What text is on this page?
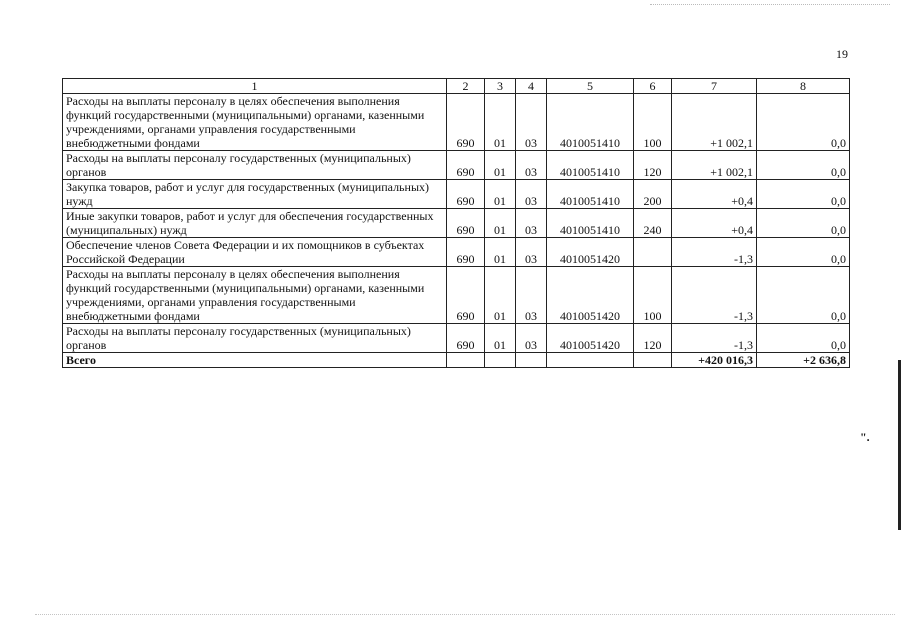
19
1	2	3	4	5	6	7	8
Расходы на выплаты персоналу в целях обеспечения выполнения функций государственными (муниципальными) органами, казенными учреждениями, органами управления государственными внебюджетными фондами	690	01	03	4010051410	100	+1 002,1	0,0
Расходы на выплаты персоналу государственных (муниципальных) органов	690	01	03	4010051410	120	+1 002,1	0,0
Закупка товаров, работ и услуг для государственных (муниципальных) нужд	690	01	03	4010051410	200	+0,4	0,0
Иные закупки товаров, работ и услуг для обеспечения государственных (муниципальных) нужд	690	01	03	4010051410	240	+0,4	0,0
Обеспечение членов Совета Федерации и их помощников в субъектах Российской Федерации	690	01	03	4010051420		-1,3	0,0
Расходы на выплаты персоналу в целях обеспечения выполнения функций государственными (муниципальными) органами, казенными учреждениями, органами управления государственными внебюджетными фондами	690	01	03	4010051420	100	-1,3	0,0
Расходы на выплаты персоналу государственных (муниципальных) органов	690	01	03	4010051420	120	-1,3	0,0
Всего						+420 016,3	+2 636,8
".
